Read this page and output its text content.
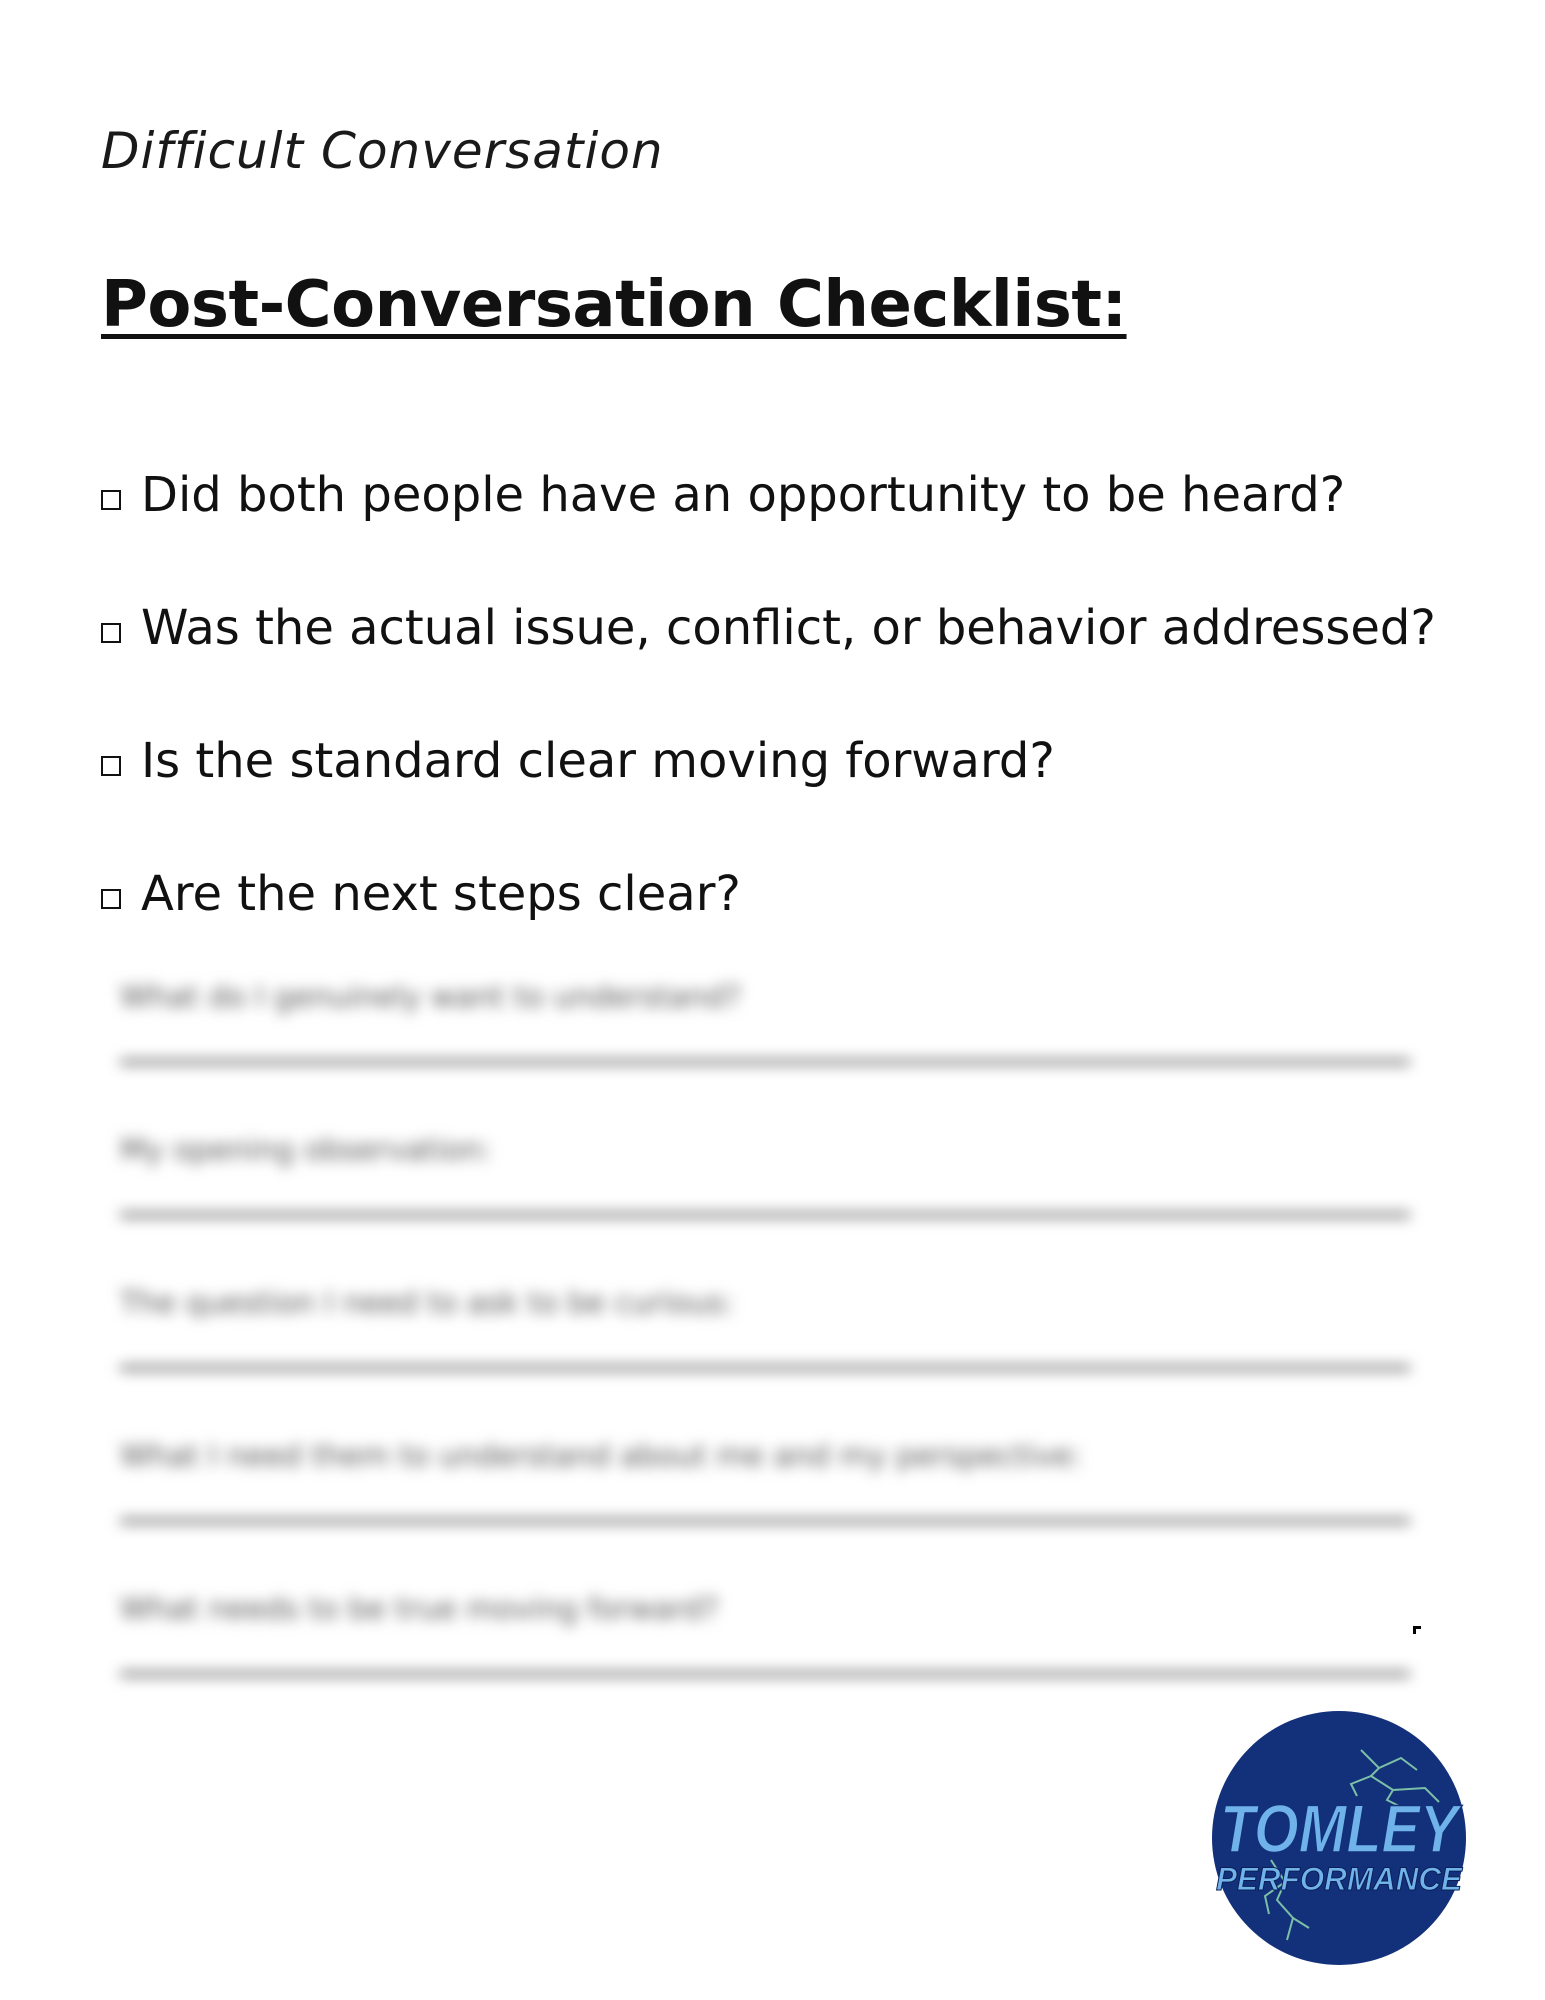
Difficult Conversation
Post-Conversation Checklist:
Did both people have an opportunity to be heard?
Was the actual issue, conflict, or behavior addressed?
Is the standard clear moving forward?
Are the next steps clear?
What do I genuinely want to understand?
My opening observation:
The question I need to ask to be curious:
What I need them to understand about me and my perspective:
What needs to be true moving forward?
TOMLEY
PERFORMANCE
